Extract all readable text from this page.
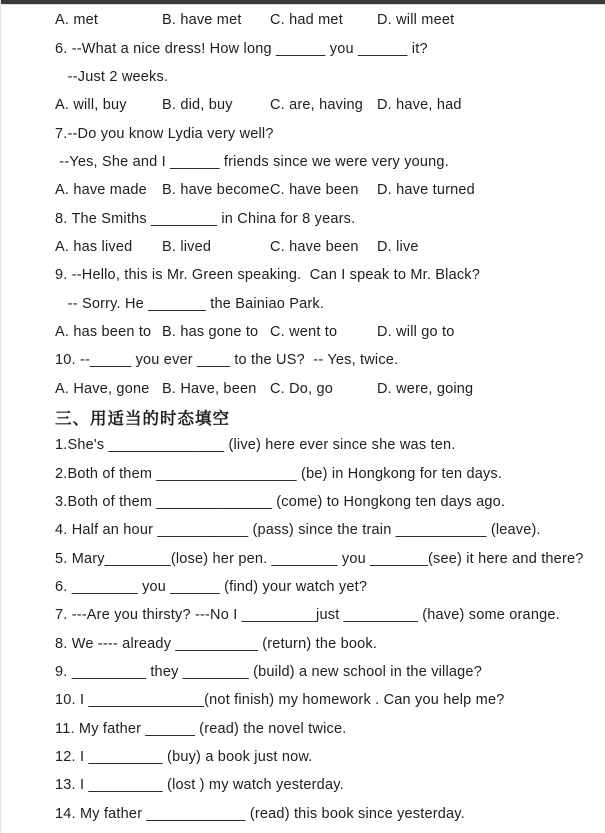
A. met	B. have met C. had met D. will meet
6. --What a nice dress! How long ______ you ______ it?
--Just 2 weeks.
A. will, buy B. did, buy	C. are, having D. have, had
7.--Do you know Lydia very well?
--Yes, She and I ______ friends since we were very young.
A. have made B. have become C. have been D. have turned
8. The Smiths ________ in China for 8 years.
A. has lived B. lived	C. have been D. live
9. --Hello, this is Mr. Green speaking.  Can I speak to Mr. Black?
-- Sorry. He _______ the Bainiao Park.
A. has been to B. has gone to C. went to	D. will go to
10. --_____ you ever ____ to the US?  -- Yes, twice.
A. Have, gone B. Have, been C. Do, go	D. were, going
三、用适当的时态填空
1.She's ______________ (live) here ever since she was ten.
2.Both of them _________________ (be) in Hongkong for ten days.
3.Both of them ______________ (come) to Hongkong ten days ago.
4. Half an hour ___________ (pass) since the train ___________ (leave).
5. Mary________(lose) her pen. ________ you _______(see) it here and there?
6. ________ you ______ (find) your watch yet?
7. ---Are you thirsty? ---No I _________just _________ (have) some orange.
8. We ---- already __________ (return) the book.
9. _________ they ________ (build) a new school in the village?
10. I ______________(not finish) my homework . Can you help me?
11. My father ______ (read) the novel twice.
12. I _________ (buy) a book just now.
13. I _________ (lost ) my watch yesterday.
14. My father ____________ (read) this book since yesterday.
